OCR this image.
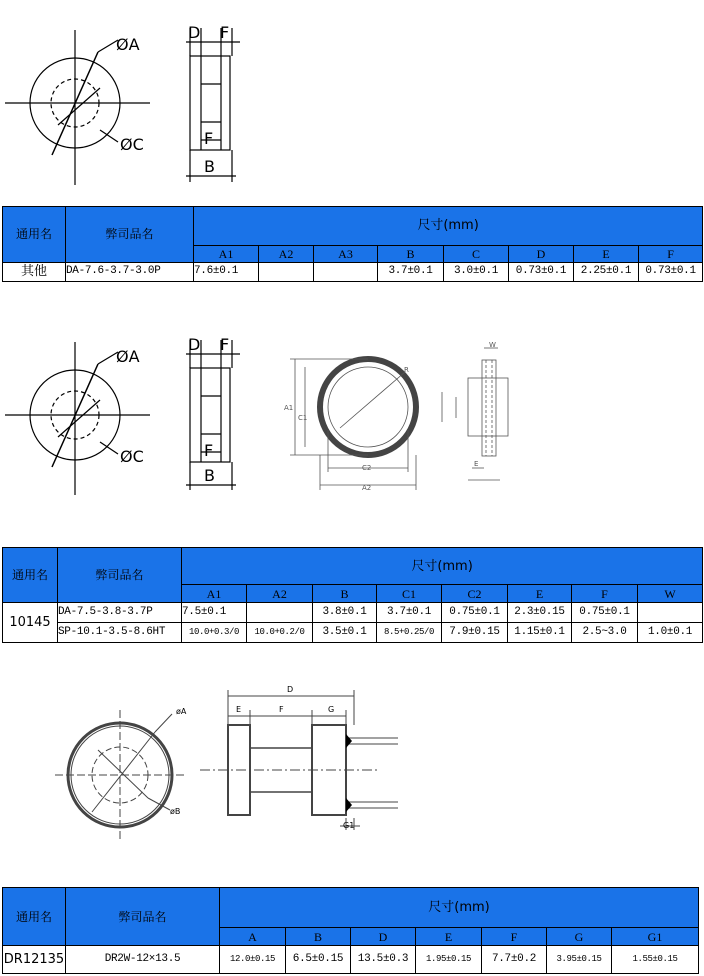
ØA
ØC
D F
F
B
通用名	弊司品名	尺寸(mm)							
		A1	A2	A3	B	C	D	E	F
其他	DA-7.6-3.7-3.0P	7.6±0.1			3.7±0.1	3.0±0.1	0.73±0.1	2.25±0.1	0.73±0.1
A1
C1
C2
A2
R
W
E
ØA
ØC
D F
F
B
通用名	弊司品名	尺寸(mm)							
		A1	A2	B	C1	C2	E	F	W
10145	DA-7.5-3.8-3.7P	7.5±0.1		3.8±0.1	3.7±0.1	0.75±0.1	2.3±0.15	0.75±0.1	
	SP-10.1-3.5-8.6HT	10.0+0.3/0	10.0+0.2/0	3.5±0.1	8.5+0.25/0	7.9±0.15	1.15±0.1	2.5~3.0	1.0±0.1
øA
øB
D
E	F	G
G1
通用名	弊司品名	尺寸(mm)						
		A	B	D	E	F	G	G1
DR12135	DR2W-12×13.5	12.0±0.15	6.5±0.15	13.5±0.3	1.95±0.15	7.7±0.2	3.95±0.15	1.55±0.15
